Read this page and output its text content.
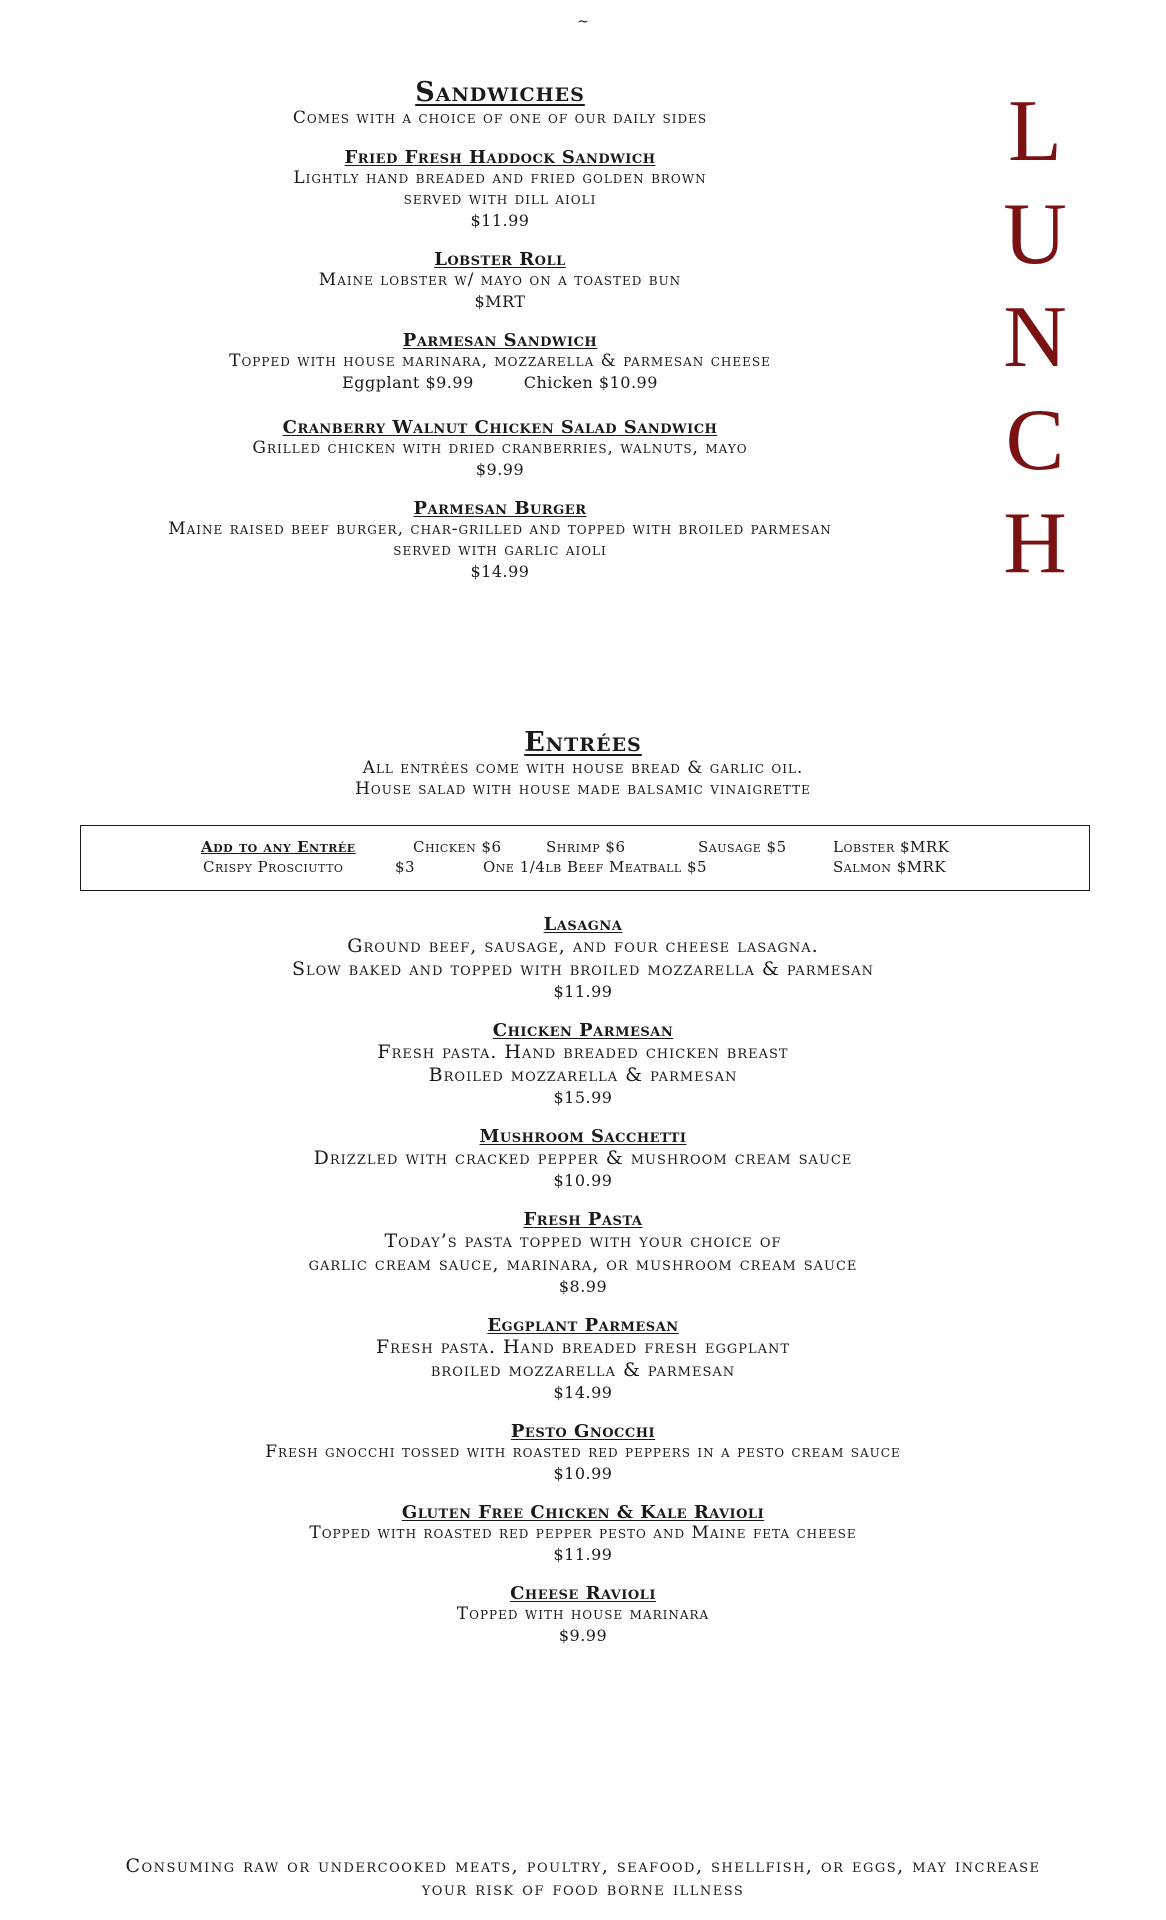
~
L
U
N
C
H
Sandwiches
Comes with a choice of one of our daily sides
Fried Fresh Haddock Sandwich
Lightly hand breaded and fried golden brown
served with dill aioli
$11.99
Lobster Roll
Maine lobster w/ mayo on a toasted bun
$MRT
Parmesan Sandwich
Topped with house marinara, mozzarella & parmesan cheese
Eggplant $9.99	Chicken $10.99
Cranberry Walnut Chicken Salad Sandwich
Grilled chicken with dried cranberries, walnuts, mayo
$9.99
Parmesan Burger
Maine raised beef burger, char-grilled and topped with broiled parmesan
served with garlic aioli
$14.99
Entrées
All entrées come with house bread & garlic oil.
House salad with house made balsamic vinaigrette
Add to any Entrée	Chicken $6	Shrimp $6	Sausage $5	Lobster $MRK
Crispy Prosciutto	$3	One 1/4lb Beef Meatball $5	Salmon $MRK
Lasagna
Ground beef, sausage, and four cheese lasagna.
Slow baked and topped with broiled mozzarella & parmesan
$11.99
Chicken Parmesan
Fresh pasta. Hand breaded chicken breast
Broiled mozzarella & parmesan
$15.99
Mushroom Sacchetti
Drizzled with cracked pepper & mushroom cream sauce
$10.99
Fresh Pasta
Today’s pasta topped with your choice of
garlic cream sauce, marinara, or mushroom cream sauce
$8.99
Eggplant Parmesan
Fresh pasta. Hand breaded fresh eggplant
broiled mozzarella & parmesan
$14.99
Pesto Gnocchi
Fresh gnocchi tossed with roasted red peppers in a pesto cream sauce
$10.99
Gluten Free Chicken & Kale Ravioli
Topped with roasted red pepper pesto and Maine feta cheese
$11.99
Cheese Ravioli
Topped with house marinara
$9.99
Consuming raw or undercooked meats, poultry, seafood, shellfish, or eggs, may increase
your risk of food borne illness
